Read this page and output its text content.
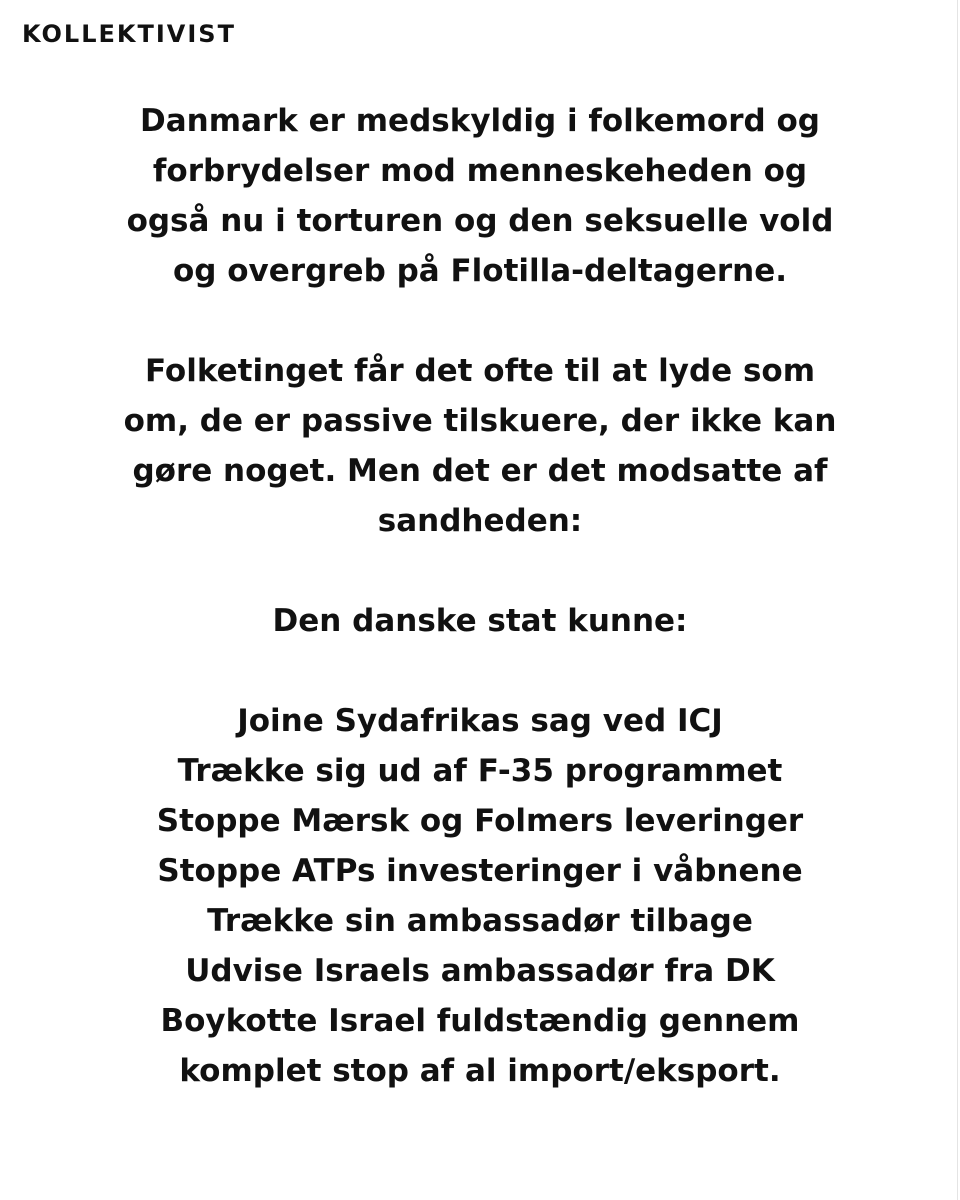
KOLLEKTIVIST
Danmark er medskyldig i folkemord og
forbrydelser mod menneskeheden og
også nu i torturen og den seksuelle vold
og overgreb på Flotilla-deltagerne.
Folketinget får det ofte til at lyde som
om, de er passive tilskuere, der ikke kan
gøre noget. Men det er det modsatte af
sandheden:
Den danske stat kunne:
Joine Sydafrikas sag ved ICJ
Trække sig ud af F-35 programmet
Stoppe Mærsk og Folmers leveringer
Stoppe ATPs investeringer i våbnene
Trække sin ambassadør tilbage
Udvise Israels ambassadør fra DK
Boykotte Israel fuldstændig gennem
komplet stop af al import/eksport.
